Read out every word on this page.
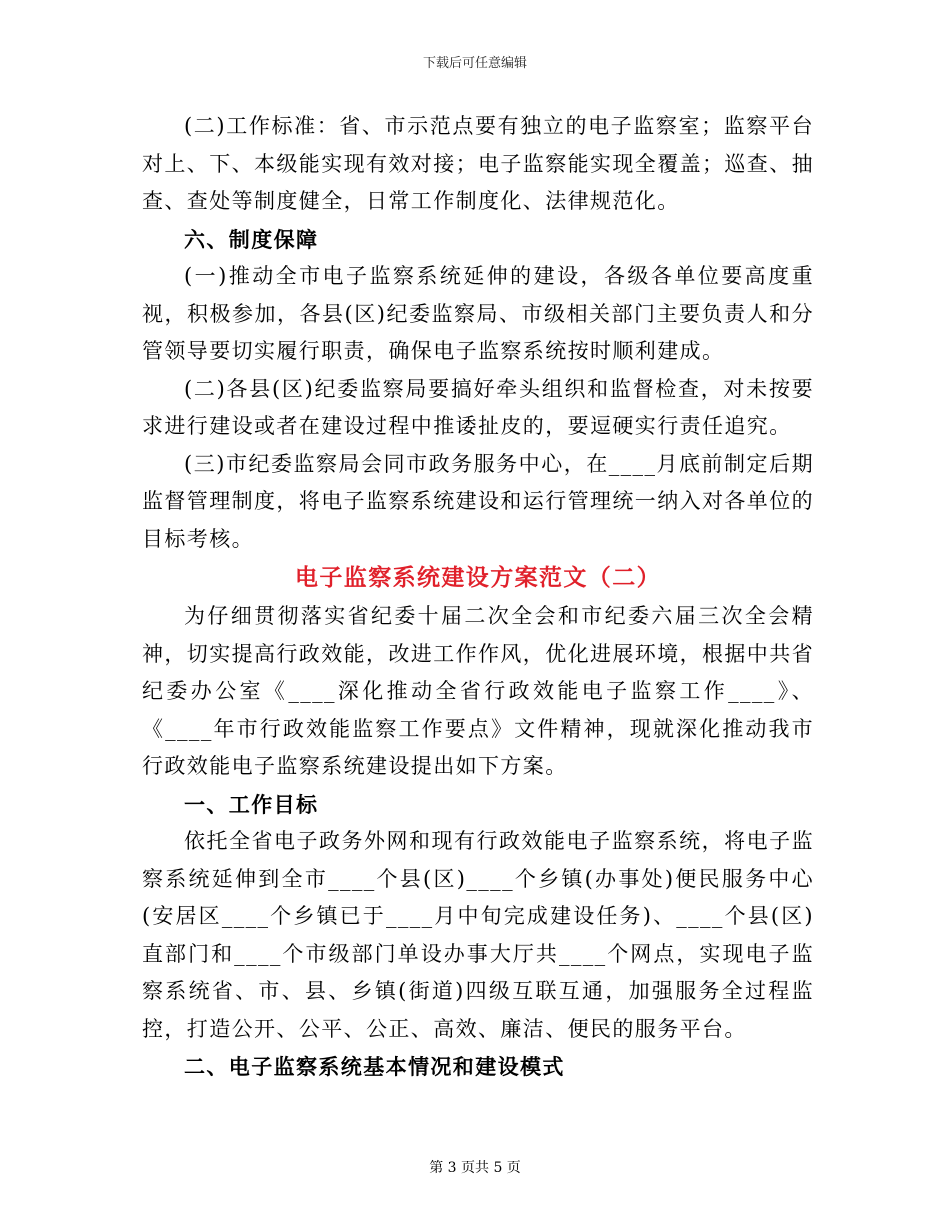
下载后可任意编辑

(二)工作标准：省、市示范点要有独立的电子监察室；监察平台对上、下、本级能实现有效对接；电子监察能实现全覆盖；巡查、抽查、查处等制度健全，日常工作制度化、法律规范化。

六、制度保障

(一)推动全市电子监察系统延伸的建设，各级各单位要高度重视，积极参加，各县(区)纪委监察局、市级相关部门主要负责人和分管领导要切实履行职责，确保电子监察系统按时顺利建成。

(二)各县(区)纪委监察局要搞好牵头组织和监督检查，对未按要求进行建设或者在建设过程中推诿扯皮的，要逗硬实行责任追究。

(三)市纪委监察局会同市政务服务中心，在____月底前制定后期监督管理制度，将电子监察系统建设和运行管理统一纳入对各单位的目标考核。

电子监察系统建设方案范文（二）

为仔细贯彻落实省纪委十届二次全会和市纪委六届三次全会精神，切实提高行政效能，改进工作作风，优化进展环境，根据中共省纪委办公室《____深化推动全省行政效能电子监察工作____》、《____年市行政效能监察工作要点》文件精神，现就深化推动我市行政效能电子监察系统建设提出如下方案。

一、工作目标

依托全省电子政务外网和现有行政效能电子监察系统，将电子监察系统延伸到全市____个县(区)____个乡镇(办事处)便民服务中心(安居区____个乡镇已于____月中旬完成建设任务)、____个县(区)直部门和____个市级部门单设办事大厅共____个网点，实现电子监察系统省、市、县、乡镇(街道)四级互联互通，加强服务全过程监控，打造公开、公平、公正、高效、廉洁、便民的服务平台。

二、电子监察系统基本情况和建设模式

第 3 页共 5 页
